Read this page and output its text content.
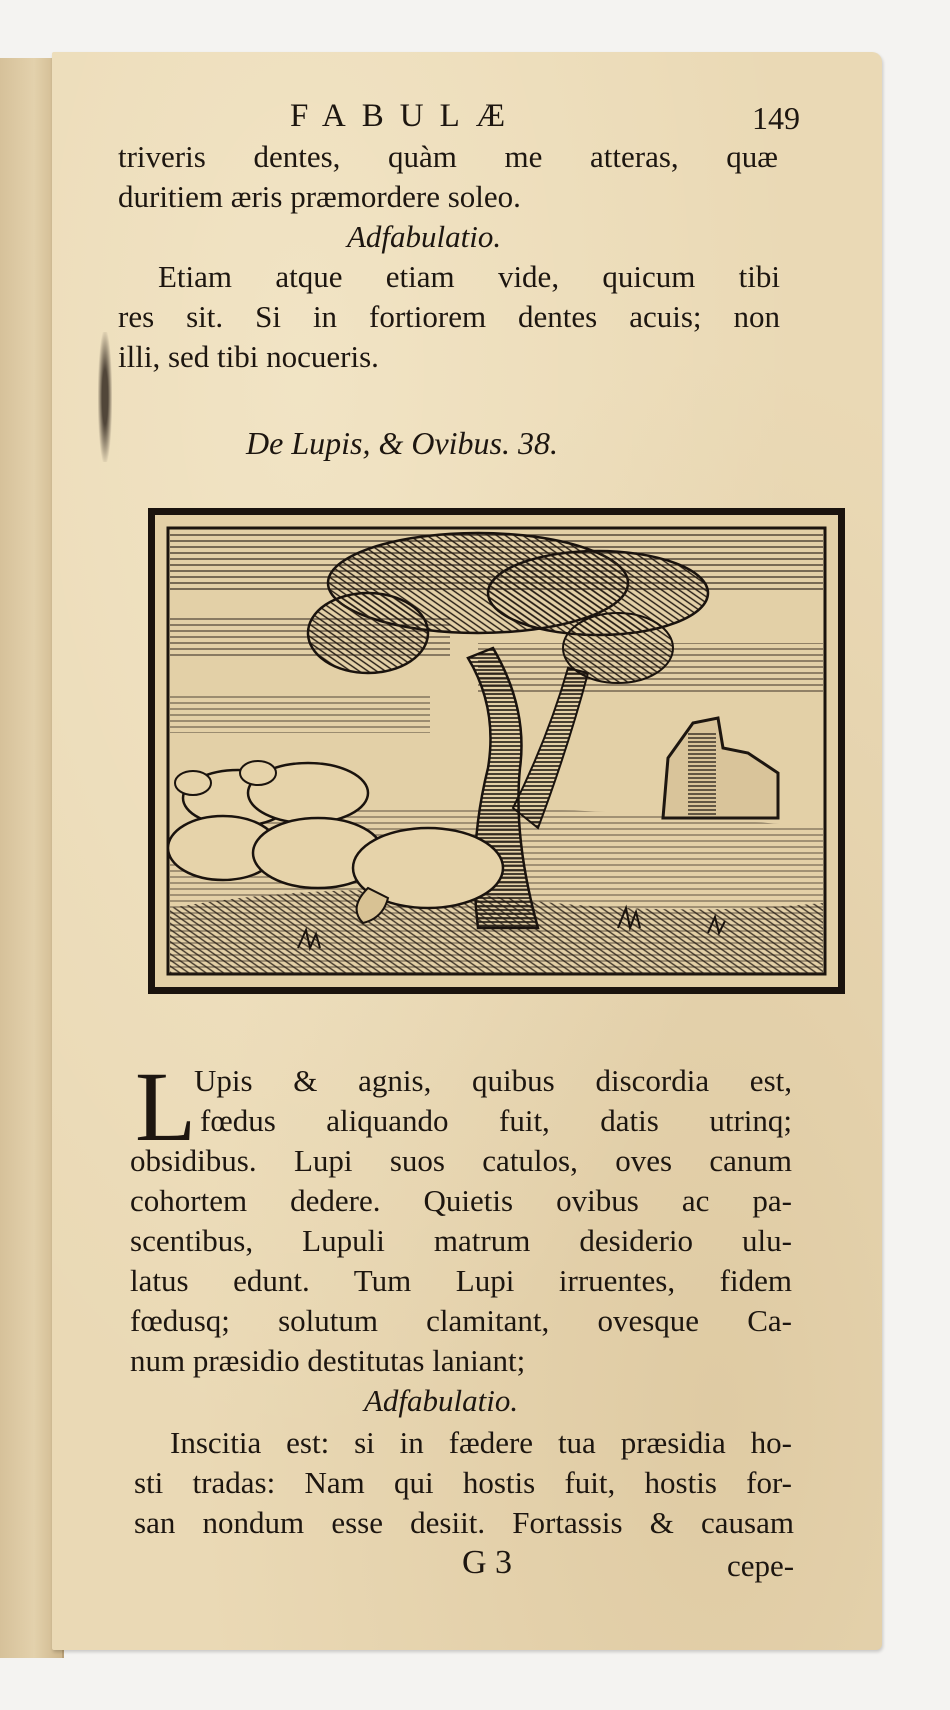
FABULÆ	149
triveris dentes, quàm me atteras, quæ
duritiem æris præmordere soleo.
Adfabulatio.
Etiam atque etiam vide, quicum tibi
res sit. Si in fortiorem dentes acuis; non
illi, sed tibi nocueris.
De Lupis, & Ovibus. 38.
L
Upis & agnis, quibus discordia est,
fœdus aliquando fuit, datis utrinq;
obsidibus. Lupi suos catulos, oves canum
cohortem dedere. Quietis ovibus ac pa-
scentibus, Lupuli matrum desiderio ulu-
latus edunt. Tum Lupi irruentes, fidem
fœdusq; solutum clamitant, ovesque Ca-
num præsidio destitutas laniant;
Adfabulatio.
Inscitia est: si in fædere tua præsidia ho-
sti tradas: Nam qui hostis fuit, hostis for-
san nondum esse desiit. Fortassis & causam
G 3	cepe-
